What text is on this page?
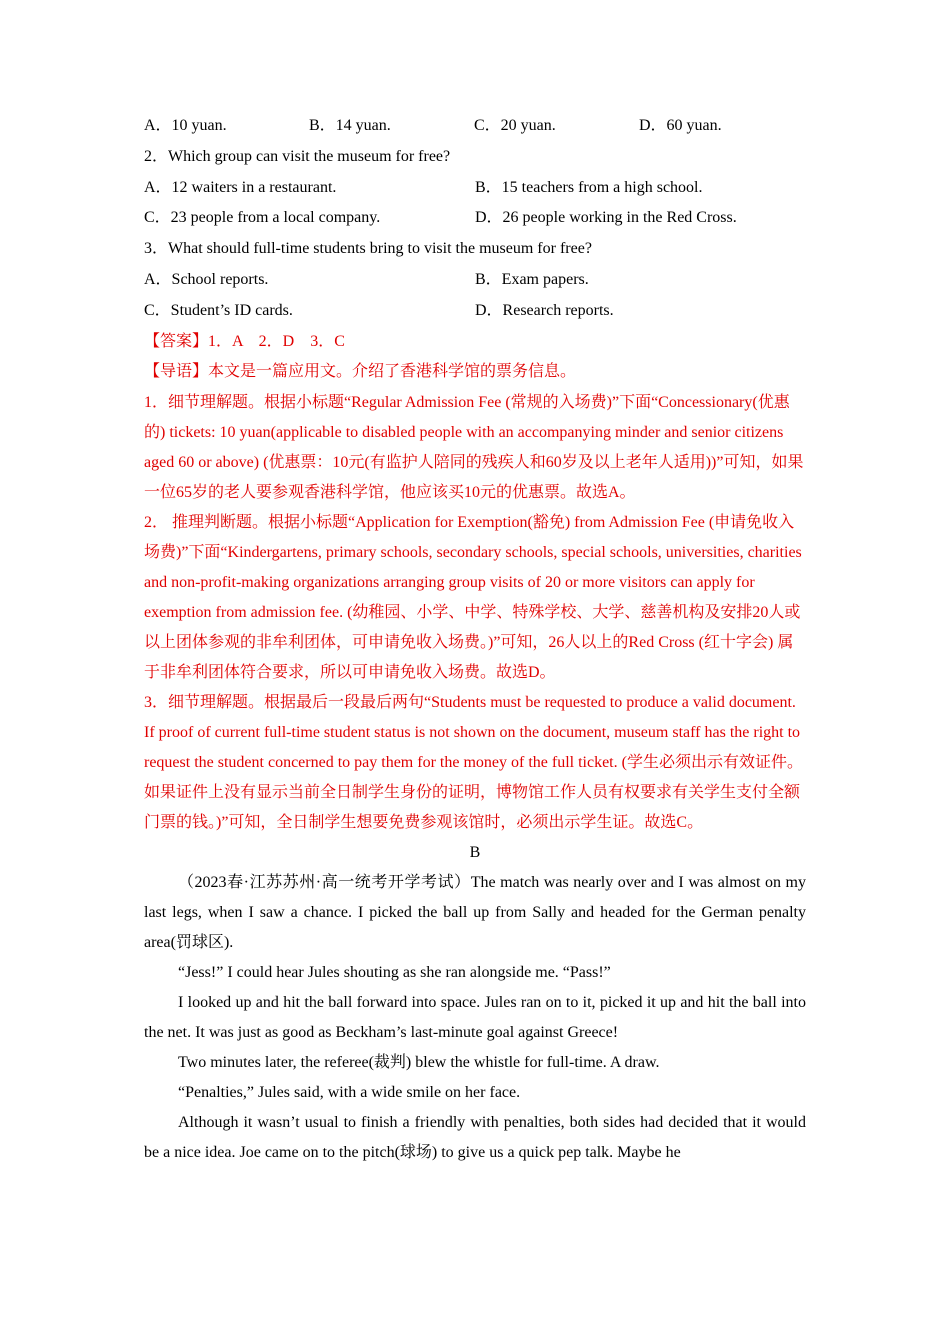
A．10 yuan.	B．14 yuan.	C．20 yuan.	D．60 yuan.
2．Which group can visit the museum for free?
A．12 waiters in a restaurant.	B．15 teachers from a high school.
C．23 people from a local company.	D．26 people working in the Red Cross.
3．What should full-time students bring to visit the museum for free?
A．School reports.	B．Exam papers.
C．Student’s ID cards.	D．Research reports.
【答案】1．A　2．D　3．C
【导语】本文是一篇应用文。介绍了香港科学馆的票务信息。
1．细节理解题。根据小标题“Regular Admission Fee (常规的入场费)”下面“Concessionary(优惠的) tickets: 10 yuan(applicable to disabled people with an accompanying minder and senior citizens aged 60 or above) (优惠票：10元(有监护人陪同的残疾人和60岁及以上老年人适用))”可知，如果一位65岁的老人要参观香港科学馆，他应该买10元的优惠票。故选A。
2． 推理判断题。根据小标题“Application for Exemption(豁免) from Admission Fee (申请免收入场费)”下面“Kindergartens, primary schools, secondary schools, special schools, universities, charities and non-profit-making organizations arranging group visits of 20 or more visitors can apply for exemption from admission fee. (幼稚园、小学、中学、特殊学校、大学、慈善机构及安排20人或以上团体参观的非牟利团体，可申请免收入场费。)”可知，26人以上的Red Cross (红十字会) 属于非牟利团体符合要求，所以可申请免收入场费。故选D。
3．细节理解题。根据最后一段最后两句“Students must be requested to produce a valid document. If proof of current full-time student status is not shown on the document, museum staff has the right to request the student concerned to pay them for the money of the full ticket. (学生必须出示有效证件。如果证件上没有显示当前全日制学生身份的证明，博物馆工作人员有权要求有关学生支付全额门票的钱。)”可知，全日制学生想要免费参观该馆时，必须出示学生证。故选C。
B
（2023春·江苏苏州·高一统考开学考试）The match was nearly over and I was almost on my last legs, when I saw a chance. I picked the ball up from Sally and headed for the German penalty area(罚球区).
“Jess!” I could hear Jules shouting as she ran alongside me. “Pass!”
I looked up and hit the ball forward into space. Jules ran on to it, picked it up and hit the ball into the net. It was just as good as Beckham’s last-minute goal against Greece!
Two minutes later, the referee(裁判) blew the whistle for full-time. A draw.
“Penalties,” Jules said, with a wide smile on her face.
Although it wasn’t usual to finish a friendly with penalties, both sides had decided that it would be a nice idea. Joe came on to the pitch(球场) to give us a quick pep talk. Maybe he
